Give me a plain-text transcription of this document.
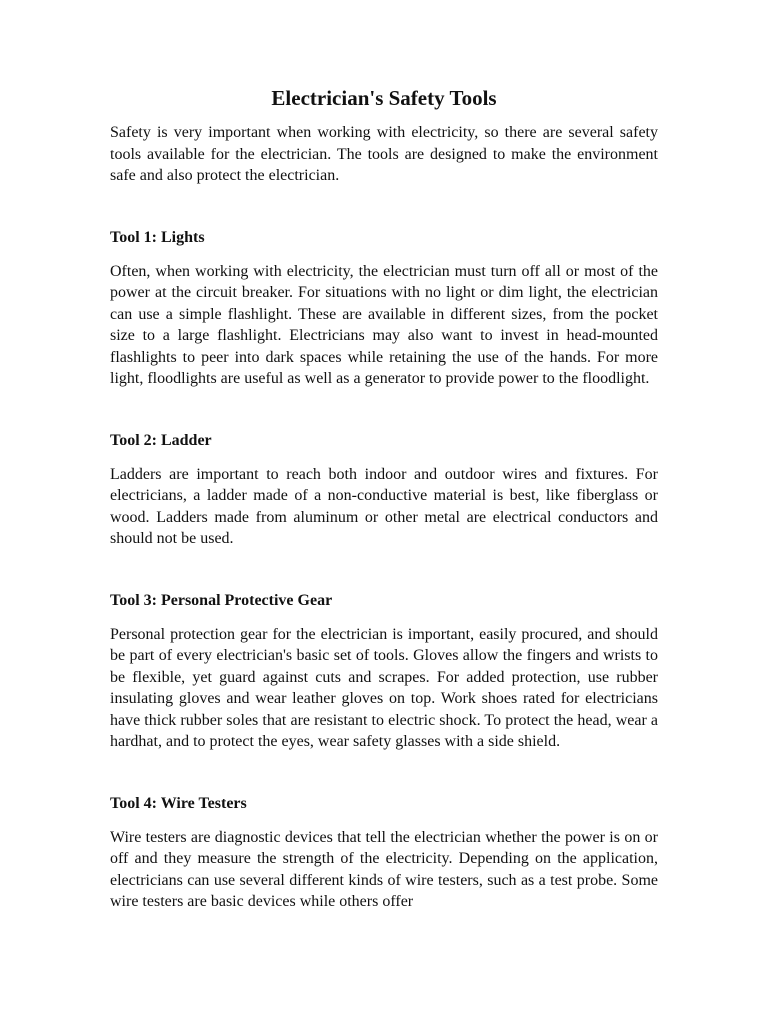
Electrician's Safety Tools

Safety is very important when working with electricity, so there are several safety tools available for the electrician. The tools are designed to make the environment safe and also protect the electrician.

Tool 1: Lights

Often, when working with electricity, the electrician must turn off all or most of the power at the circuit breaker. For situations with no light or dim light, the electrician can use a simple flashlight. These are available in different sizes, from the pocket size to a large flashlight. Electricians may also want to invest in head-mounted flashlights to peer into dark spaces while retaining the use of the hands. For more light, floodlights are useful as well as a generator to provide power to the floodlight.

Tool 2: Ladder

Ladders are important to reach both indoor and outdoor wires and fixtures. For electricians, a ladder made of a non-conductive material is best, like fiberglass or wood. Ladders made from aluminum or other metal are electrical conductors and should not be used.

Tool 3: Personal Protective Gear

Personal protection gear for the electrician is important, easily procured, and should be part of every electrician's basic set of tools. Gloves allow the fingers and wrists to be flexible, yet guard against cuts and scrapes. For added protection, use rubber insulating gloves and wear leather gloves on top. Work shoes rated for electricians have thick rubber soles that are resistant to electric shock. To protect the head, wear a hardhat, and to protect the eyes, wear safety glasses with a side shield.

Tool 4: Wire Testers

Wire testers are diagnostic devices that tell the electrician whether the power is on or off and they measure the strength of the electricity. Depending on the application, electricians can use several different kinds of wire testers, such as a test probe. Some wire testers are basic devices while others offer
